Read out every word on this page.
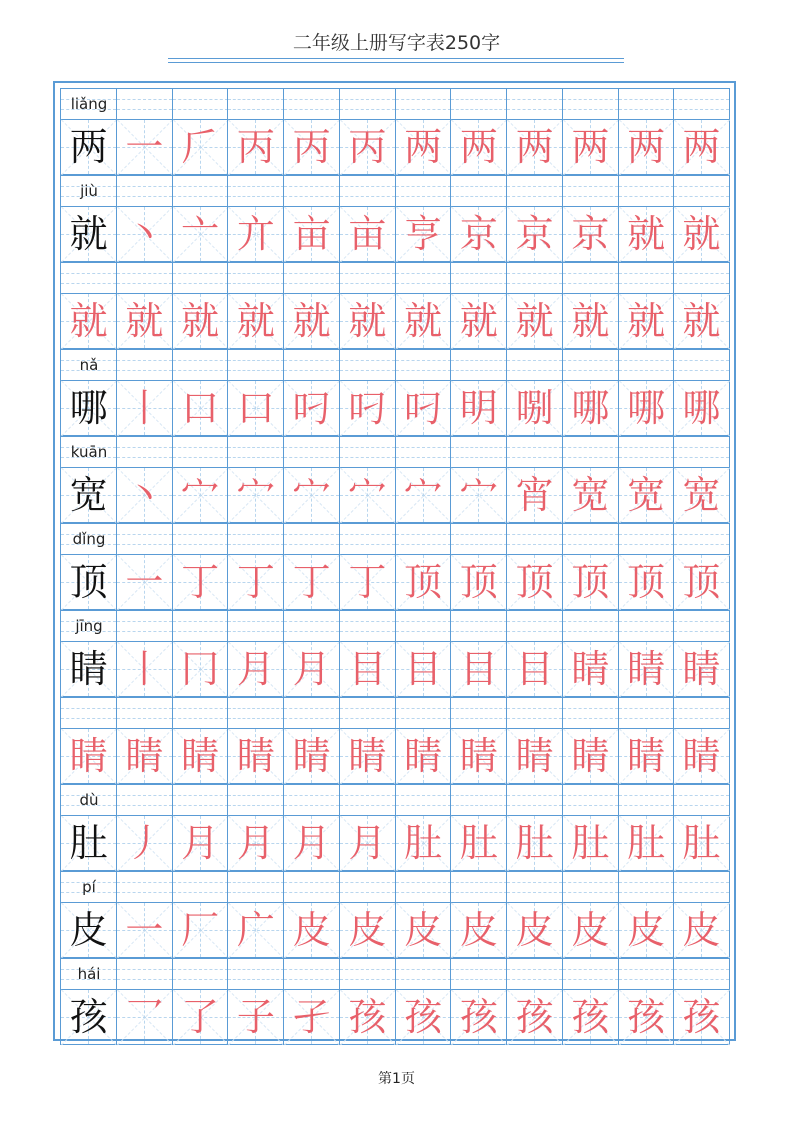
二年级上册写字表250字
liǎng
两 一 𠂆 丙 丙 丙 两 两 两 两 两 两
jiù
就 丶 亠 亣 亩 亩 亨 京 京 京 就 就
就 就 就 就 就 就 就 就 就 就 就 就
nǎ
哪 丨 口 口 叼 叼 叼 明 哵 哪 哪 哪
kuān
宽 丶 宀 宀 宀 宀 宀 宀 宵 宽 宽 宽
dǐng
顶 一 丁 丁 丁 丁 顶 顶 顶 顶 顶 顶
jīng
睛 丨 冂 月 月 目 目 目 目 睛 睛 睛
睛 睛 睛 睛 睛 睛 睛 睛 睛 睛 睛 睛
dù
肚 丿 月 月 月 月 肚 肚 肚 肚 肚 肚
pí
皮 一 厂 广 皮 皮 皮 皮 皮 皮 皮 皮
hái
孩 乛 了 子 孑 孩 孩 孩 孩 孩 孩 孩
第1页
